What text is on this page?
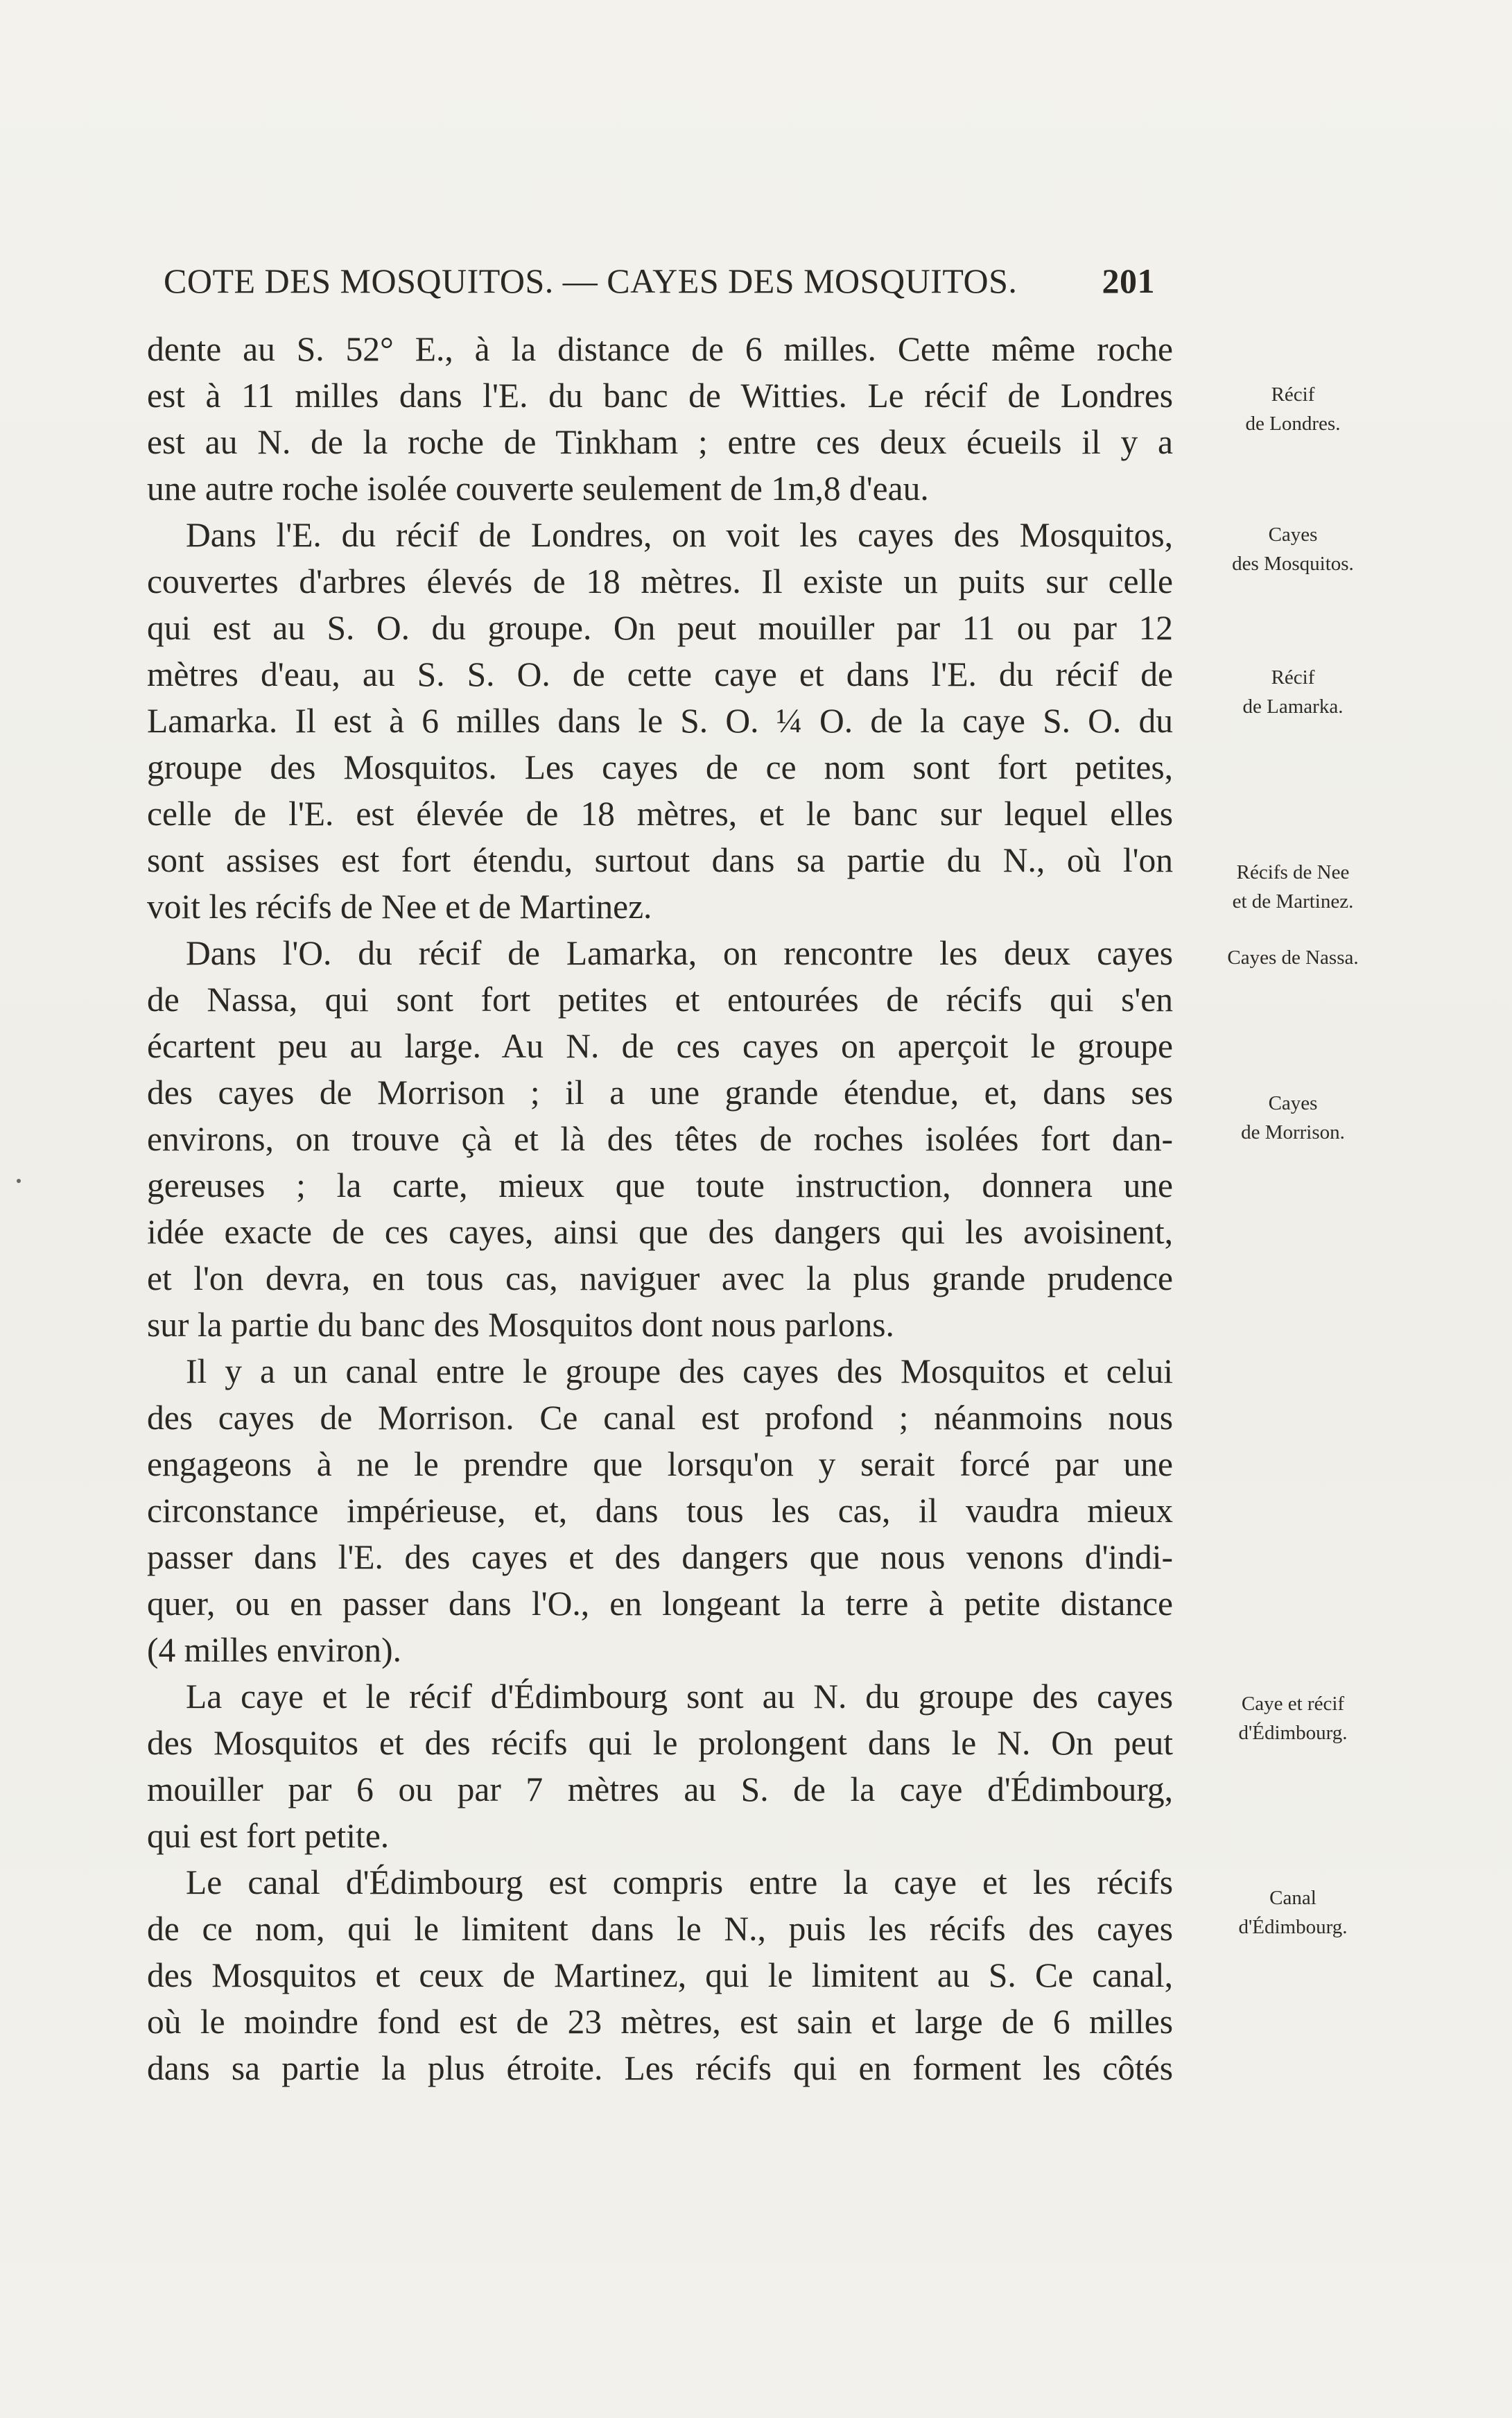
COTE DES MOSQUITOS. — CAYES DES MOSQUITOS. 201
dente au S. 52° E., à la distance de 6 milles. Cette même roche
est à 11 milles dans l'E. du banc de Witties. Le récif de Londres
est au N. de la roche de Tinkham ; entre ces deux écueils il y a
une autre roche isolée couverte seulement de 1m,8 d'eau.
Dans l'E. du récif de Londres, on voit les cayes des Mosquitos,
couvertes d'arbres élevés de 18 mètres. Il existe un puits sur celle
qui est au S. O. du groupe. On peut mouiller par 11 ou par 12
mètres d'eau, au S. S. O. de cette caye et dans l'E. du récif de
Lamarka. Il est à 6 milles dans le S. O. ¼ O. de la caye S. O. du
groupe des Mosquitos. Les cayes de ce nom sont fort petites,
celle de l'E. est élevée de 18 mètres, et le banc sur lequel elles
sont assises est fort étendu, surtout dans sa partie du N., où l'on
voit les récifs de Nee et de Martinez.
Dans l'O. du récif de Lamarka, on rencontre les deux cayes
de Nassa, qui sont fort petites et entourées de récifs qui s'en
écartent peu au large. Au N. de ces cayes on aperçoit le groupe
des cayes de Morrison ; il a une grande étendue, et, dans ses
environs, on trouve çà et là des têtes de roches isolées fort dan-
gereuses ; la carte, mieux que toute instruction, donnera une
idée exacte de ces cayes, ainsi que des dangers qui les avoisinent,
et l'on devra, en tous cas, naviguer avec la plus grande prudence
sur la partie du banc des Mosquitos dont nous parlons.
Il y a un canal entre le groupe des cayes des Mosquitos et celui
des cayes de Morrison. Ce canal est profond ; néanmoins nous
engageons à ne le prendre que lorsqu'on y serait forcé par une
circonstance impérieuse, et, dans tous les cas, il vaudra mieux
passer dans l'E. des cayes et des dangers que nous venons d'indi-
quer, ou en passer dans l'O., en longeant la terre à petite distance
(4 milles environ).
La caye et le récif d'Édimbourg sont au N. du groupe des cayes
des Mosquitos et des récifs qui le prolongent dans le N. On peut
mouiller par 6 ou par 7 mètres au S. de la caye d'Édimbourg,
qui est fort petite.
Le canal d'Édimbourg est compris entre la caye et les récifs
de ce nom, qui le limitent dans le N., puis les récifs des cayes
des Mosquitos et ceux de Martinez, qui le limitent au S. Ce canal,
où le moindre fond est de 23 mètres, est sain et large de 6 milles
dans sa partie la plus étroite. Les récifs qui en forment les côtés
Récif
de Londres.
Cayes
des Mosquitos.
Récif
de Lamarka.
Récifs de Nee
et de Martinez.
Cayes de Nassa.
Cayes
de Morrison.
Caye et récif
d'Édimbourg.
Canal
d'Édimbourg.
